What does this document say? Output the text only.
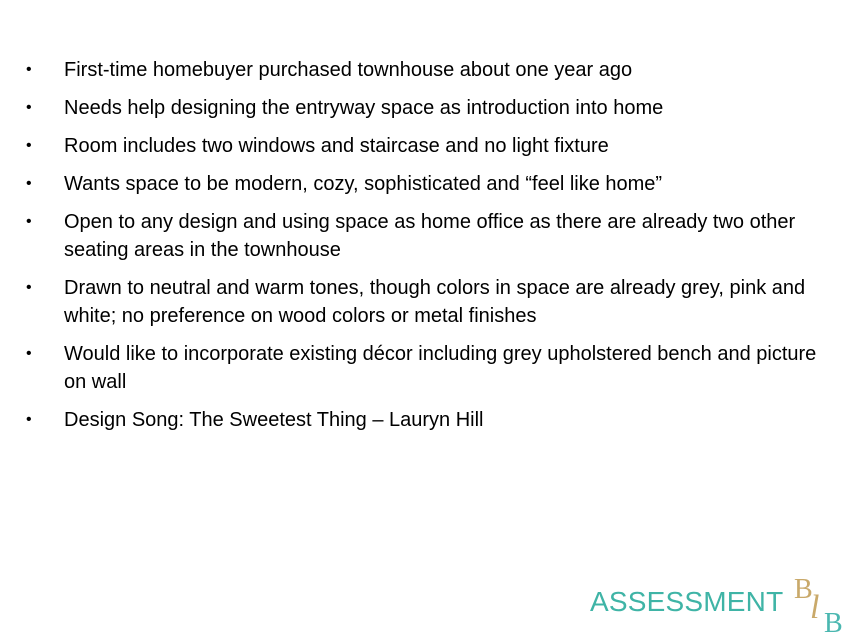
•	First-time homebuyer purchased townhouse about one year ago
•	Needs help designing the entryway space as introduction into home
•	Room includes two windows and staircase and no light fixture
•	Wants space to be modern, cozy, sophisticated and “feel like home”
•	Open to any design and using space as home office as there are already two other seating areas in the townhouse
•	Drawn to neutral and warm tones, though colors in space are already grey, pink and white; no preference on wood colors or metal finishes
•	Would like to incorporate existing décor including grey upholstered bench and picture on wall
•	Design Song: The Sweetest Thing – Lauryn Hill
ASSESSMENT B
l B
